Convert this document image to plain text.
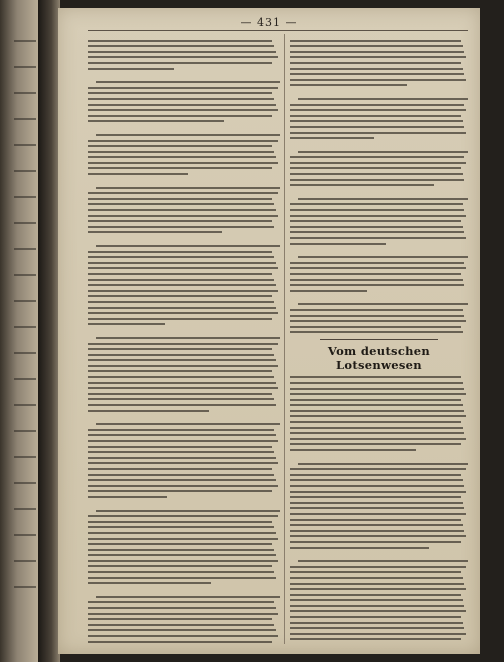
— 431 —
Vom deutschen Lotsenwesen
